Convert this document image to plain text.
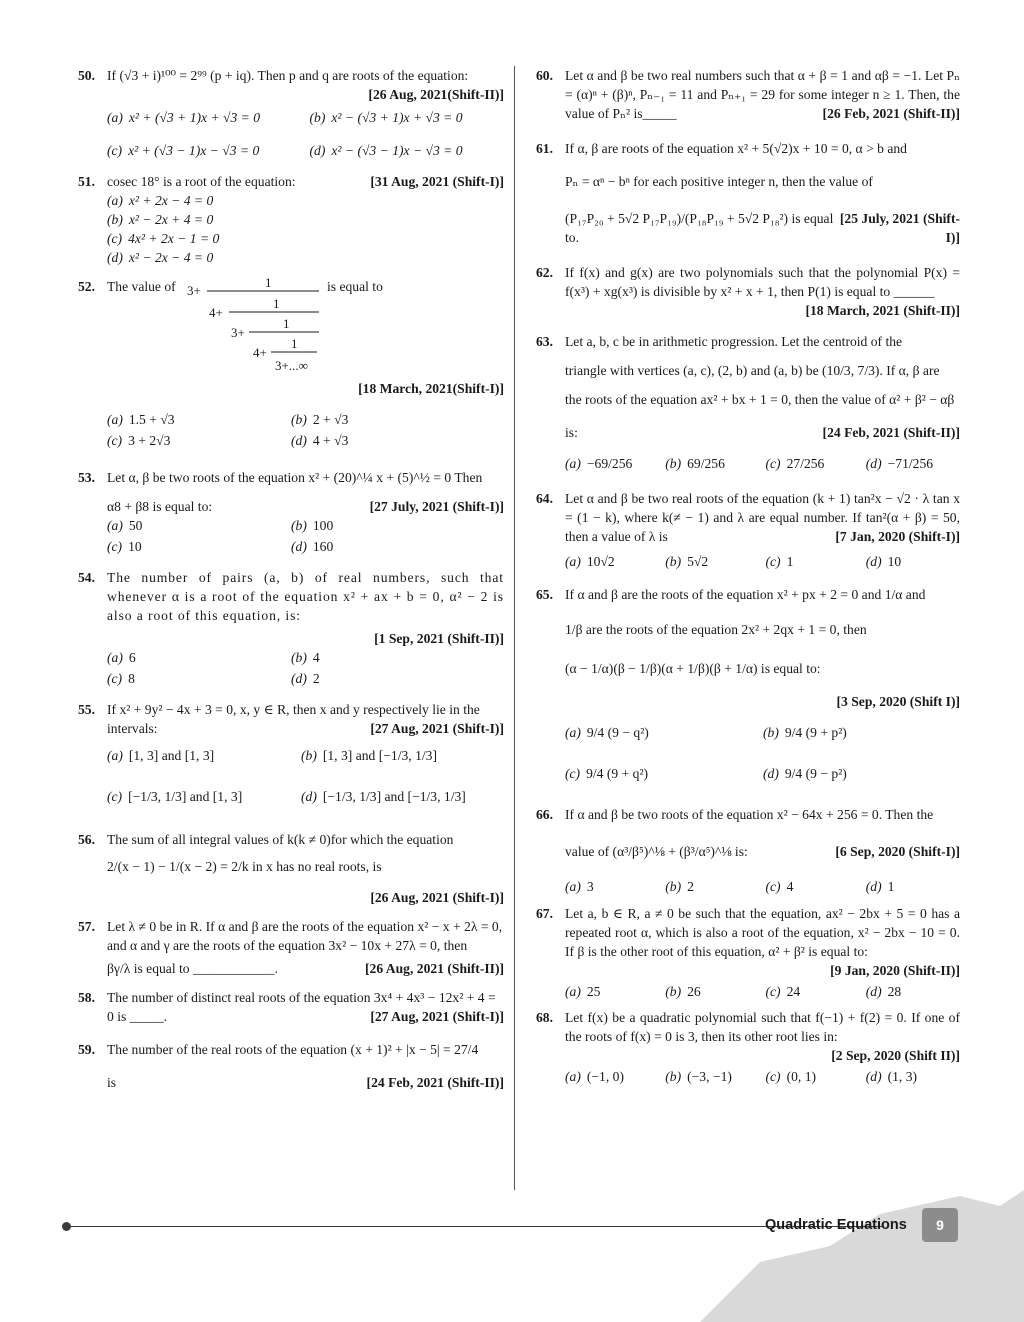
50. If (√3 + i)¹⁰⁰ = 2⁹⁹ (p + iq). Then p and q are roots of the equation:
[26 Aug, 2021(Shift-II)]
(a) x² + (√3 + 1)x + √3 = 0	(b) x² − (√3 + 1)x + √3 = 0
(c) x² + (√3 − 1)x − √3 = 0	(d) x² − (√3 − 1)x − √3 = 0
51. cosec 18° is a root of the equation:	[31 Aug, 2021 (Shift-I)]
(a) x² + 2x − 4 = 0
(b) x² − 2x + 4 = 0
(c) 4x² + 2x − 1 = 0
(d) x² − 2x − 4 = 0
52. The value of 3+
1
4+
1
3+
1
4+
1
3+...∞
is equal to
[18 March, 2021(Shift-I)]
(a) 1.5 + √3	(b) 2 + √3
(c) 3 + 2√3	(d) 4 + √3
53. Let α, β be two roots of the equation x² + (20)^¼ x + (5)^½ = 0 Then
α8 + β8 is equal to:	[27 July, 2021 (Shift-I)]
(a) 50	(b) 100
(c) 10	(d) 160
54. The number of pairs (a, b) of real numbers, such that whenever α is a root of the equation x² + ax + b = 0, α² − 2 is also a root of this equation, is:
[1 Sep, 2021 (Shift-II)]
(a) 6	(b) 4
(c) 8	(d) 2
55. If x² + 9y² − 4x + 3 = 0, x, y ∈ R, then x and y respectively lie in the intervals:	[27 Aug, 2021 (Shift-I)]
(a) [1, 3] and [1, 3]	(b) [1, 3] and [−1/3, 1/3]
(c) [−1/3, 1/3] and [1, 3]	(d) [−1/3, 1/3] and [−1/3, 1/3]
56. The sum of all integral values of k(k ≠ 0)for which the equation
2/(x − 1) − 1/(x − 2) = 2/k in x has no real roots, is
[26 Aug, 2021 (Shift-I)]
57. Let λ ≠ 0 be in R. If α and β are the roots of the equation x² − x + 2λ = 0, and α and γ are the roots of the equation 3x² − 10x + 27λ = 0, then
βγ/λ is equal to ____________.	[26 Aug, 2021 (Shift-II)]
58. The number of distinct real roots of the equation 3x⁴ + 4x³ − 12x² + 4 = 0 is _____.	[27 Aug, 2021 (Shift-I)]
59. The number of the real roots of the equation (x + 1)² + |x − 5| = 27/4
is	[24 Feb, 2021 (Shift-II)]
60. Let α and β be two real numbers such that α + β = 1 and αβ = −1. Let Pₙ = (α)ⁿ + (β)ⁿ, Pₙ₋₁ = 11 and Pₙ₊₁ = 29 for some integer n ≥ 1. Then, the value of Pₙ² is_____	[26 Feb, 2021 (Shift-II)]
61. If α, β are roots of the equation x² + 5(√2)x + 10 = 0, α > b and
Pₙ = αⁿ − bⁿ for each positive integer n, then the value of
(P₁₇P₂₀ + 5√2 P₁₇P₁₉)/(P₁₈P₁₉ + 5√2 P₁₈²) is equal to.
[25 July, 2021 (Shift-I)]
62. If f(x) and g(x) are two polynomials such that the polynomial P(x) = f(x³) + xg(x³) is divisible by x² + x + 1, then P(1) is equal to ______
[18 March, 2021 (Shift-II)]
63. Let a, b, c be in arithmetic progression. Let the centroid of the
triangle with vertices (a, c), (2, b) and (a, b) be (10/3, 7/3). If α, β are
the roots of the equation ax² + bx + 1 = 0, then the value of α² + β² − αβ
is:	[24 Feb, 2021 (Shift-II)]
(a) −69/256	(b) 69/256	(c) 27/256	(d) −71/256
64. Let α and β be two real roots of the equation (k + 1) tan²x − √2 · λ tan x = (1 − k), where k(≠ − 1) and λ are equal number. If tan²(α + β) = 50, then a value of λ is	[7 Jan, 2020 (Shift-I)]
(a) 10√2	(b) 5√2	(c) 1	(d) 10
65. If α and β are the roots of the equation x² + px + 2 = 0 and 1/α and
1/β are the roots of the equation 2x² + 2qx + 1 = 0, then
(α − 1/α)(β − 1/β)(α + 1/β)(β + 1/α) is equal to:
[3 Sep, 2020 (Shift I)]
(a) 9/4 (9 − q²)	(b) 9/4 (9 + p²)
(c) 9/4 (9 + q²)	(d) 9/4 (9 − p²)
66. If α and β be two roots of the equation x² − 64x + 256 = 0. Then the
value of (α³/β⁵)^⅛ + (β³/α⁵)^⅛ is:	[6 Sep, 2020 (Shift-I)]
(a) 3	(b) 2	(c) 4	(d) 1
67. Let a, b ∈ R, a ≠ 0 be such that the equation, ax² − 2bx + 5 = 0 has a repeated root α, which is also a root of the equation, x² − 2bx − 10 = 0. If β is the other root of this equation, α² + β² is equal to:
[9 Jan, 2020 (Shift-II)]
(a) 25	(b) 26	(c) 24	(d) 28
68. Let f(x) be a quadratic polynomial such that f(−1) + f(2) = 0. If one of the roots of f(x) = 0 is 3, then its other root lies in:
[2 Sep, 2020 (Shift II)]
(a) (−1, 0)	(b) (−3, −1)	(c) (0, 1)	(d) (1, 3)
Quadratic Equations	9
